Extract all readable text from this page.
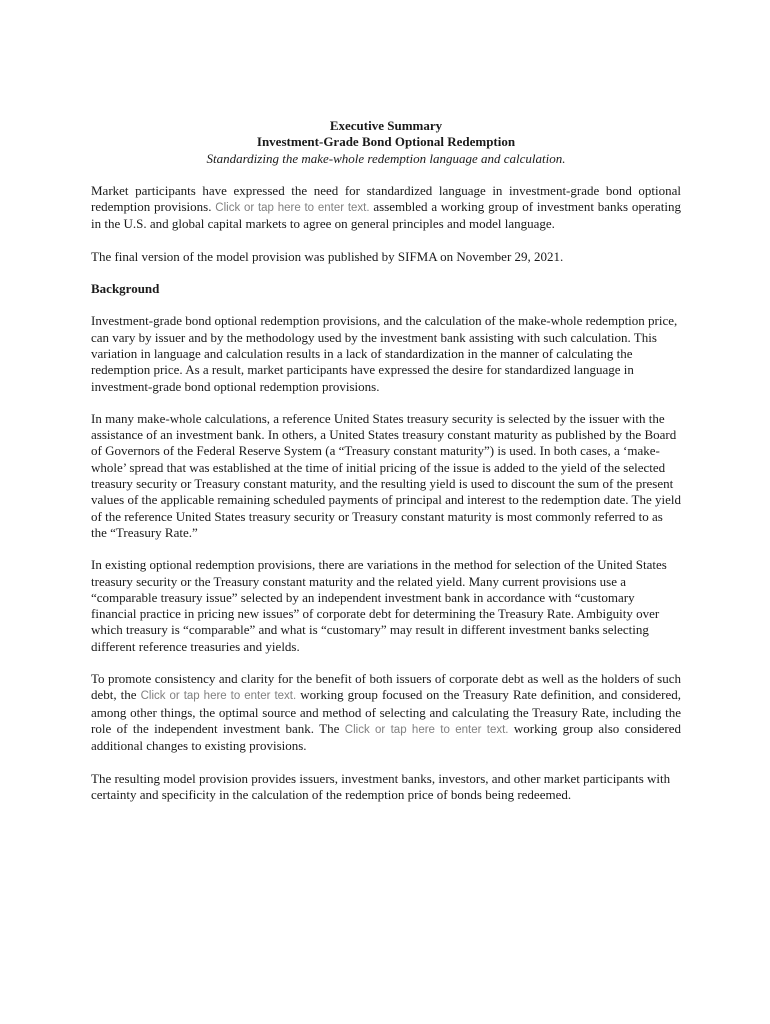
Executive Summary
Investment-Grade Bond Optional Redemption
Standardizing the make-whole redemption language and calculation.

Market participants have expressed the need for standardized language in investment-grade bond optional redemption provisions. Click or tap here to enter text. assembled a working group of investment banks operating in the U.S. and global capital markets to agree on general principles and model language.

The final version of the model provision was published by SIFMA on November 29, 2021.

Background

Investment-grade bond optional redemption provisions, and the calculation of the make-whole redemption price, can vary by issuer and by the methodology used by the investment bank assisting with such calculation. This variation in language and calculation results in a lack of standardization in the manner of calculating the redemption price. As a result, market participants have expressed the desire for standardized language in investment-grade bond optional redemption provisions.

In many make-whole calculations, a reference United States treasury security is selected by the issuer with the assistance of an investment bank. In others, a United States treasury constant maturity as published by the Board of Governors of the Federal Reserve System (a “Treasury constant maturity”) is used. In both cases, a ‘make-whole’ spread that was established at the time of initial pricing of the issue is added to the yield of the selected treasury security or Treasury constant maturity, and the resulting yield is used to discount the sum of the present values of the applicable remaining scheduled payments of principal and interest to the redemption date. The yield of the reference United States treasury security or Treasury constant maturity is most commonly referred to as the “Treasury Rate.”

In existing optional redemption provisions, there are variations in the method for selection of the United States treasury security or the Treasury constant maturity and the related yield. Many current provisions use a “comparable treasury issue” selected by an independent investment bank in accordance with “customary financial practice in pricing new issues” of corporate debt for determining the Treasury Rate. Ambiguity over which treasury is “comparable” and what is “customary” may result in different investment banks selecting different reference treasuries and yields.

To promote consistency and clarity for the benefit of both issuers of corporate debt as well as the holders of such debt, the Click or tap here to enter text. working group focused on the Treasury Rate definition, and considered, among other things, the optimal source and method of selecting and calculating the Treasury Rate, including the role of the independent investment bank. The Click or tap here to enter text. working group also considered additional changes to existing provisions.

The resulting model provision provides issuers, investment banks, investors, and other market participants with certainty and specificity in the calculation of the redemption price of bonds being redeemed.
